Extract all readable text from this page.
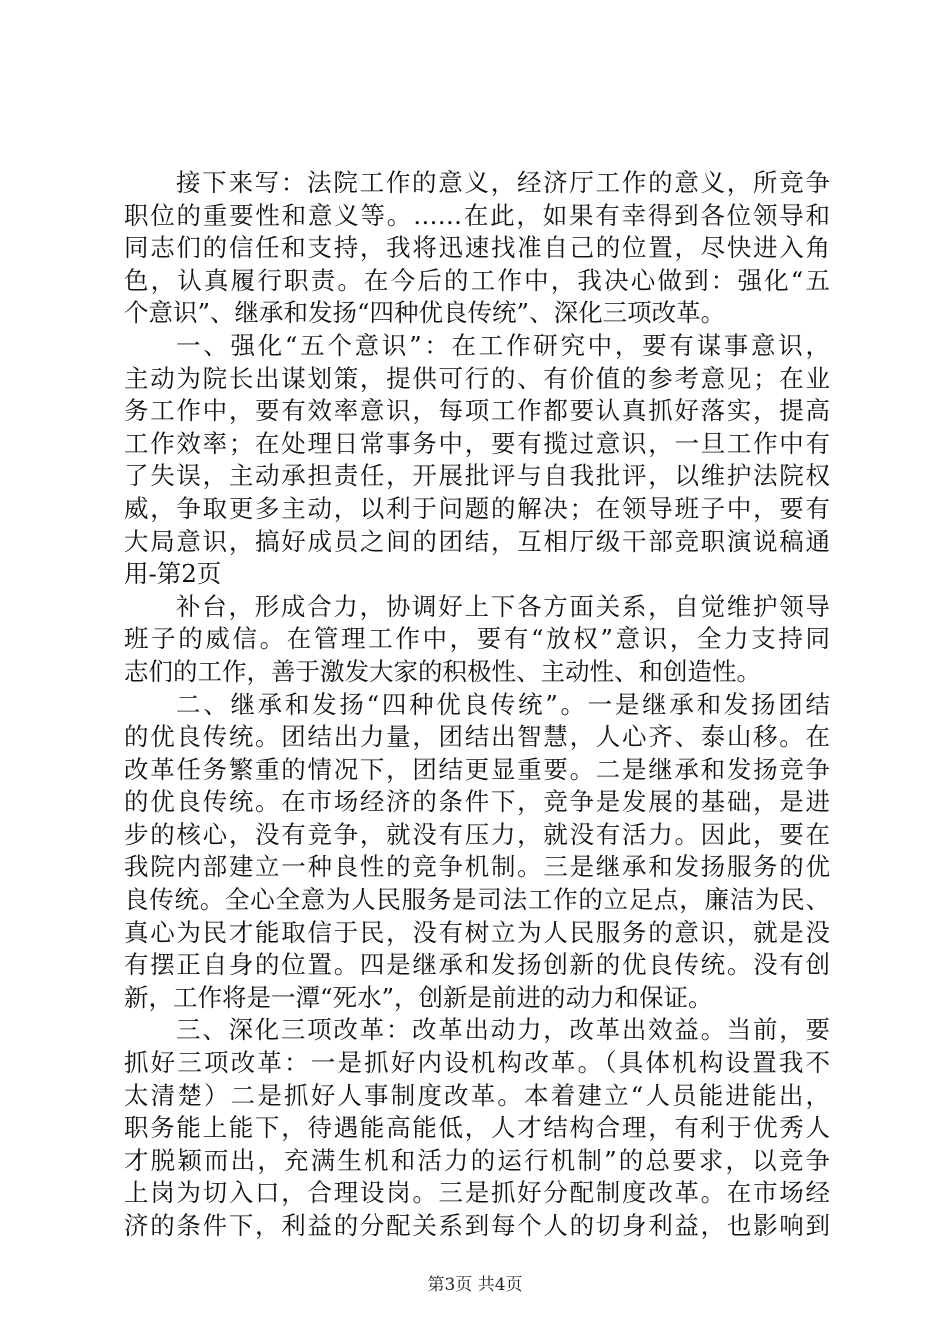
接下来写：法院工作的意义，经济厅工作的意义，所竞争
职位的重要性和意义等。……在此，如果有幸得到各位领导和
同志们的信任和支持，我将迅速找准自己的位置，尽快进入角
色，认真履行职责。在今后的工作中，我决心做到：强化“五
个意识”、继承和发扬“四种优良传统”、深化三项改革。
一、强化“五个意识”：在工作研究中，要有谋事意识，
主动为院长出谋划策，提供可行的、有价值的参考意见；在业
务工作中，要有效率意识，每项工作都要认真抓好落实，提高
工作效率；在处理日常事务中，要有揽过意识，一旦工作中有
了失误，主动承担责任，开展批评与自我批评，以维护法院权
威，争取更多主动，以利于问题的解决；在领导班子中，要有
大局意识，搞好成员之间的团结，互相厅级干部竞职演说稿通
用-第2页
补台，形成合力，协调好上下各方面关系，自觉维护领导
班子的威信。在管理工作中，要有“放权”意识，全力支持同
志们的工作，善于激发大家的积极性、主动性、和创造性。
二、继承和发扬“四种优良传统”。一是继承和发扬团结
的优良传统。团结出力量，团结出智慧，人心齐、泰山移。在
改革任务繁重的情况下，团结更显重要。二是继承和发扬竞争
的优良传统。在市场经济的条件下，竞争是发展的基础，是进
步的核心，没有竞争，就没有压力，就没有活力。因此，要在
我院内部建立一种良性的竞争机制。三是继承和发扬服务的优
良传统。全心全意为人民服务是司法工作的立足点，廉洁为民、
真心为民才能取信于民，没有树立为人民服务的意识，就是没
有摆正自身的位置。四是继承和发扬创新的优良传统。没有创
新，工作将是一潭“死水”，创新是前进的动力和保证。
三、深化三项改革：改革出动力，改革出效益。当前，要
抓好三项改革：一是抓好内设机构改革。（具体机构设置我不
太清楚）二是抓好人事制度改革。本着建立“人员能进能出，
职务能上能下，待遇能高能低，人才结构合理，有利于优秀人
才脱颖而出，充满生机和活力的运行机制”的总要求，以竞争
上岗为切入口，合理设岗。三是抓好分配制度改革。在市场经
济的条件下，利益的分配关系到每个人的切身利益，也影响到
第3页 共4页
